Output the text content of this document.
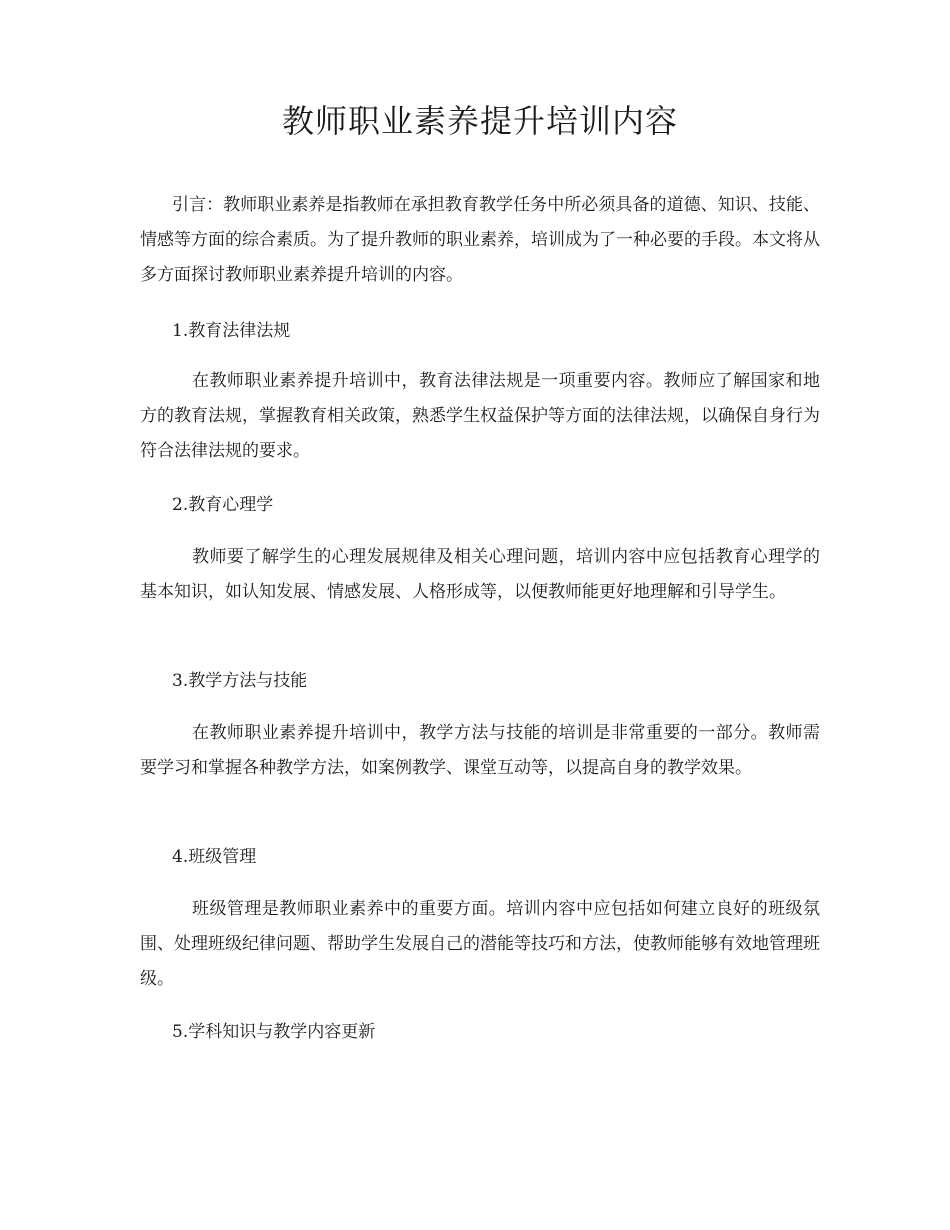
教师职业素养提升培训内容

引言：教师职业素养是指教师在承担教育教学任务中所必须具备的道德、知识、技能、情感等方面的综合素质。为了提升教师的职业素养，培训成为了一种必要的手段。本文将从多方面探讨教师职业素养提升培训的内容。

1.教育法律法规

在教师职业素养提升培训中，教育法律法规是一项重要内容。教师应了解国家和地方的教育法规，掌握教育相关政策，熟悉学生权益保护等方面的法律法规，以确保自身行为符合法律法规的要求。

2.教育心理学

教师要了解学生的心理发展规律及相关心理问题，培训内容中应包括教育心理学的基本知识，如认知发展、情感发展、人格形成等，以便教师能更好地理解和引导学生。

3.教学方法与技能

在教师职业素养提升培训中，教学方法与技能的培训是非常重要的一部分。教师需要学习和掌握各种教学方法，如案例教学、课堂互动等，以提高自身的教学效果。

4.班级管理

班级管理是教师职业素养中的重要方面。培训内容中应包括如何建立良好的班级氛围、处理班级纪律问题、帮助学生发展自己的潜能等技巧和方法，使教师能够有效地管理班级。

5.学科知识与教学内容更新
